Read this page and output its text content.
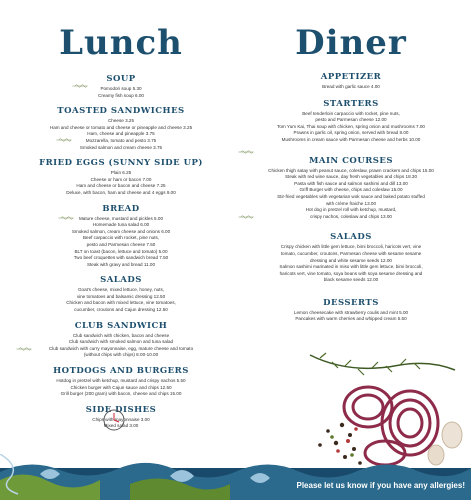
Lunch
SOUP
Pomodori soup 5.30
Creamy fish soup 6.00
TOASTED SANDWICHES
Cheese 3.25
Ham and cheese or tomato and cheese or pineapple and cheese 3.25
Ham, cheese and pineapple 3.75
Mozzarella, tomato and pesto 3.75
Smoked salmon and cream cheese 3.75
FRIED EGGS (SUNNY SIDE UP)
Plain 6.25
Cheese or ham or bacon 7.00
Ham and cheese or bacon and cheese 7.25
Deluxe, with bacon, ham and cheese and 4 eggs 9.00
BREAD
Mature cheese, mustard and pickles 5.00
Homemade tuna salad 6.00
Smoked salmon, cream cheese and onions 6.00
Beef carpaccio with rocket, pine nuts,
pesto and Parmesan cheese 7.50
BLT on toast (bacon, lettuce and tomato) 5.00
Two beef croquettes with sandwich bread 7.50
Steak with gravy and bread 11.00
SALADS
Goat's cheese, mixed lettuce, honey, nuts,
vine tomatoes and balsamic dressing 12.50
Chicken and bacon with mixed lettuce, vine tomatoes,
cucumber, croutons and Cajun dressing 12.50
CLUB SANDWICH
Club sandwich with chicken, bacon and cheese
Club sandwich with smoked salmon and tuna salad
Club sandwich with curry mayonnaise, egg, mature cheese and tomato
(without chips with chips) 8.00-10.00
HOTDOGS AND BURGERS
Hotdog in pretzel with ketchup, mustard and crispy nachos 5.50
Chicken burger with Cajun sauce and chips 12.50
Grill burger (200 gram) with bacon, cheese and chips 15.00
SIDE DISHES
Chips with mayonnaise 3.00
Mixed salad 3.00
Diner
APPETIZER
Bread with garlic sauce 4.00
STARTERS
Beef tenderloin carpaccio with rocket, pine nuts,
pesto and Parmesan cheese 12.00
Tom Yum Kai, Thai soup with chicken, spring onion and mushrooms 7.00
Prawns in garlic oil, spring onion, served with bread 8.00
Mushrooms in cream sauce with Parmesan cheese and herbs 10.00
MAIN COURSES
Chicken thigh satay with peanut sauce, coleslaw, prawn crackers and chips 15.00
Steak with red wine sauce, day fresh vegetables and chips 18.30
Pasta with fish sauce and salmon sashimi and dill 13.00
Griff Burger with cheese, chips and coleslaw 15.00
Stir-fried vegetables with vegetarian wok sauce and baked potato stuffed
with crème fraiche 13.00
Hot dog in pretzel roll with ketchup, mustard,
crispy nachos, coleslaw and chips 13.00
SALADS
Crispy chicken with little gem lettuce, bimi broccoli, haricots vert, vine
tomato, cucumber, croutons, Parmesan cheese with sesame sesame
dressing and white sesame seeds 12.00
Salmon sashimi marinated in miso with little gem lettuce, bimi broccoli,
haricots vert, vine tomato, soya beans with soya sesame dressing and
black sesame seeds 12.00
DESSERTS
Lemon cheesecake with strawberry coulis and mint 5.00
Pancakes with warm cherries and whipped cream 5.50
Please let us know if you have any allergies!
